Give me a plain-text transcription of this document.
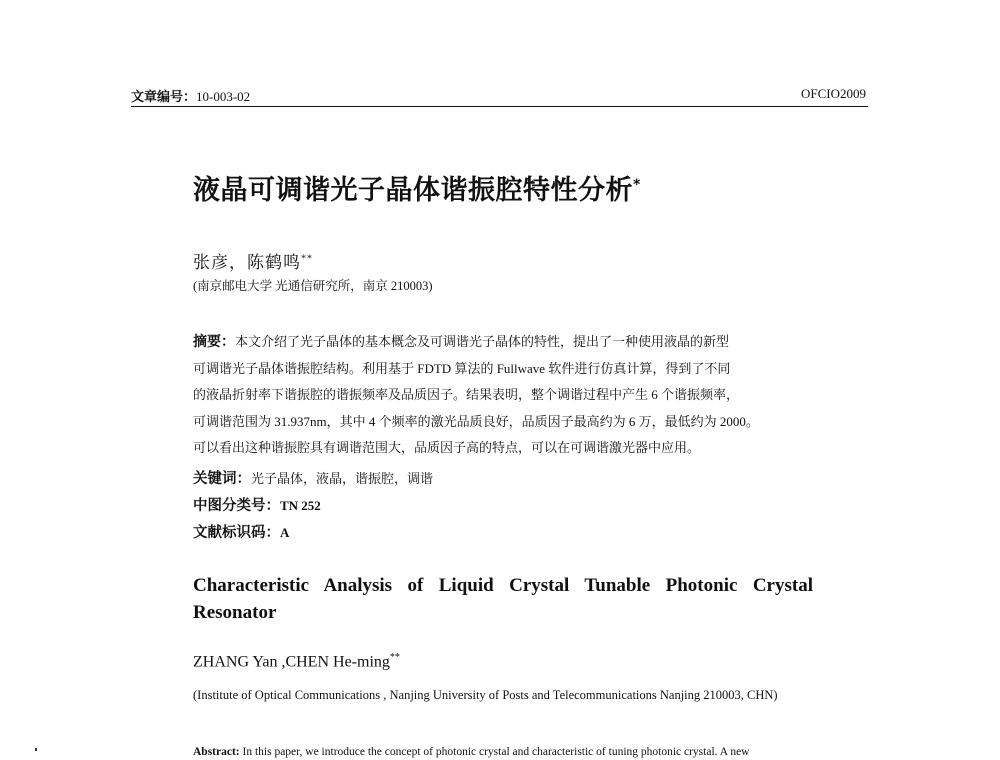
文章编号：10-003-02	OFCIO2009
液晶可调谐光子晶体谐振腔特性分析*
张彦，陈鹤鸣**
(南京邮电大学 光通信研究所，南京 210003)
摘要：本文介绍了光子晶体的基本概念及可调谐光子晶体的特性，提出了一种使用液晶的新型
可调谐光子晶体谐振腔结构。利用基于 FDTD 算法的 Fullwave 软件进行仿真计算，得到了不同
的液晶折射率下谐振腔的谐振频率及品质因子。结果表明，整个调谐过程中产生 6 个谐振频率，
可调谐范围为 31.937nm，其中 4 个频率的激光品质良好，品质因子最高约为 6 万，最低约为 2000。
可以看出这种谐振腔具有调谐范围大，品质因子高的特点，可以在可调谐激光器中应用。
关键词：光子晶体，液晶，谐振腔，调谐
中图分类号：TN 252
文献标识码：A
Characteristic Analysis of Liquid Crystal Tunable Photonic Crystal Resonator
ZHANG Yan ,CHEN He-ming**
(Institute of Optical Communications , Nanjing University of Posts and Telecommunications Nanjing 210003, CHN)
Abstract: In this paper, we introduce the concept of photonic crystal and characteristic of tuning photonic crystal. A new
